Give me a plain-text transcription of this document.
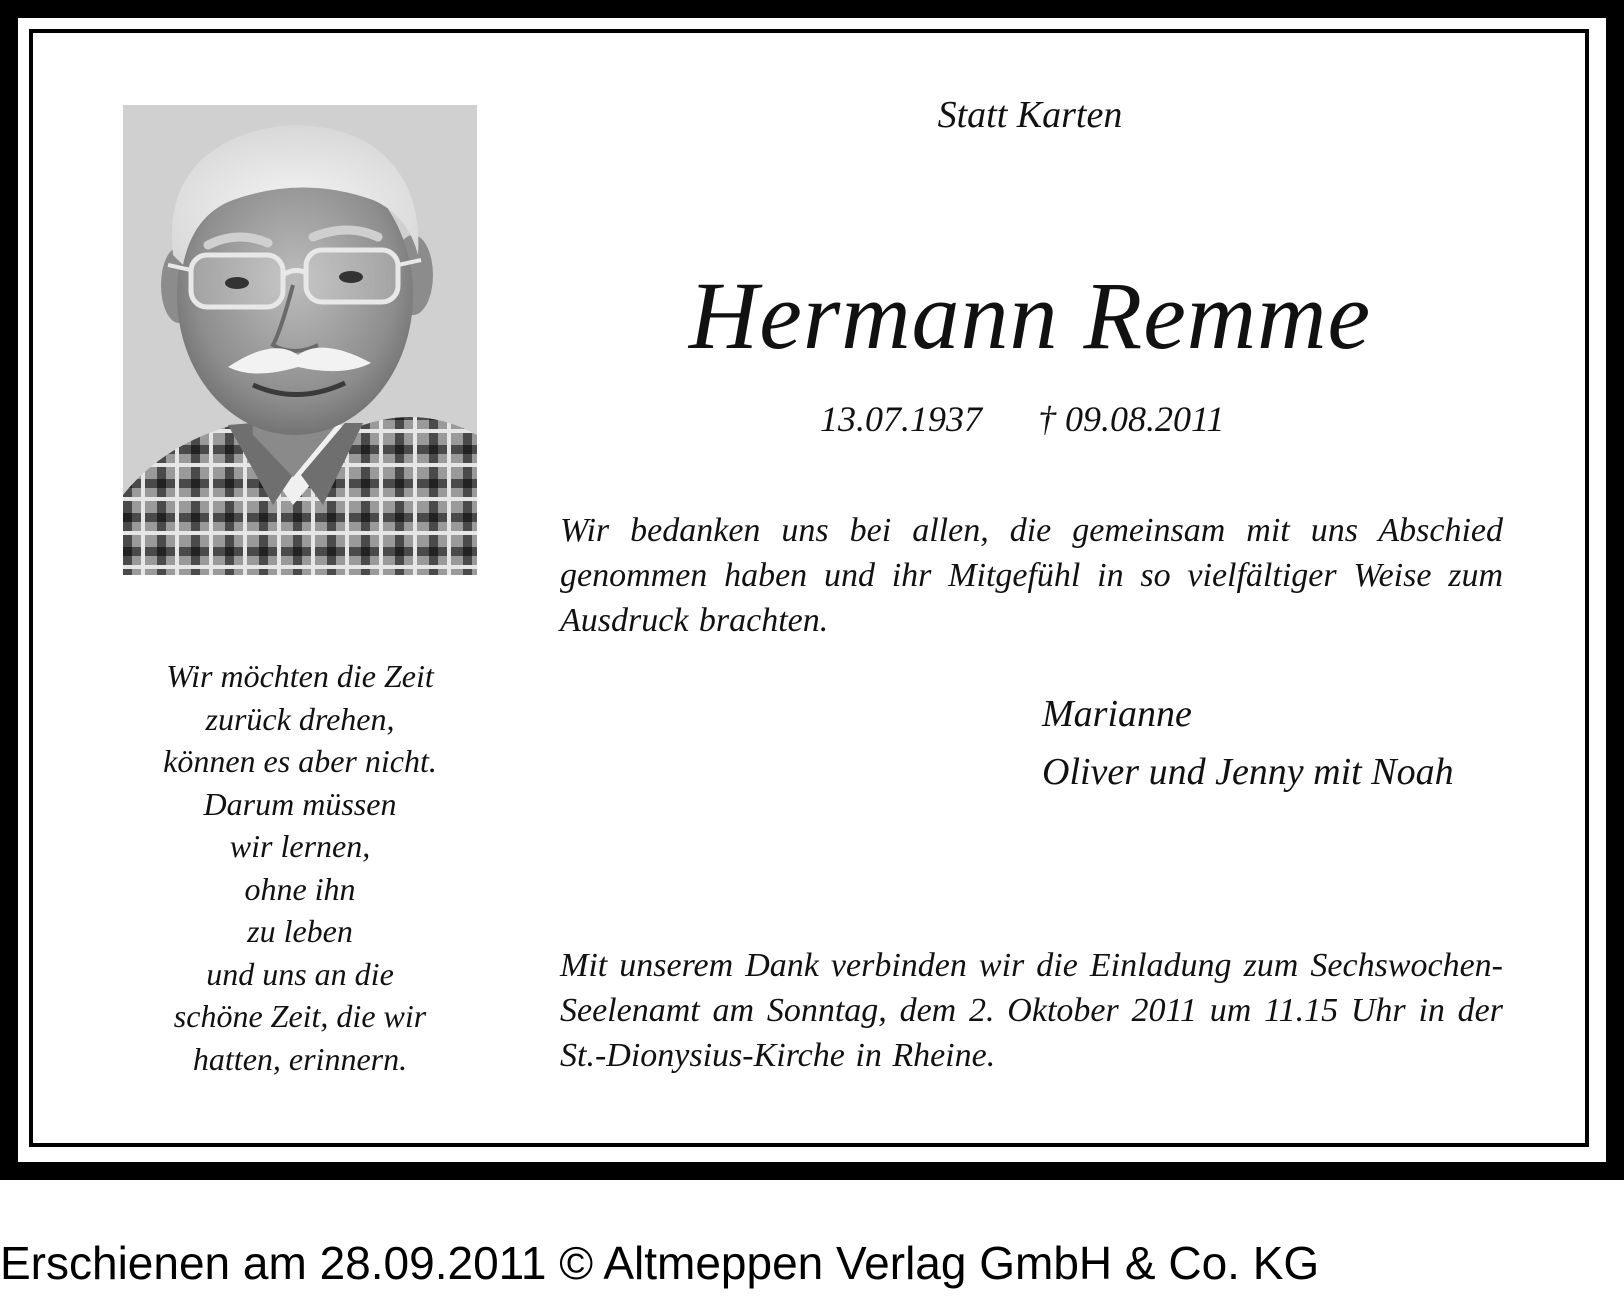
Statt Karten
Hermann Remme
13.07.1937 † 09.08.2011
Wir bedanken uns bei allen, die gemeinsam mit uns Abschied genommen haben und ihr Mitgefühl in so vielfältiger Weise zum Ausdruck brachten.
Marianne
Oliver und Jenny mit Noah
Mit unserem Dank verbinden wir die Einladung zum Sechswochen-Seelenamt am Sonntag, dem 2. Oktober 2011 um 11.15 Uhr in der St.-Dionysius-Kirche in Rheine.
Wir möchten die Zeit
zurück drehen,
können es aber nicht.
Darum müssen
wir lernen,
ohne ihn
zu leben
und uns an die
schöne Zeit, die wir
hatten, erinnern.
Erschienen am 28.09.2011 © Altmeppen Verlag GmbH & Co. KG
